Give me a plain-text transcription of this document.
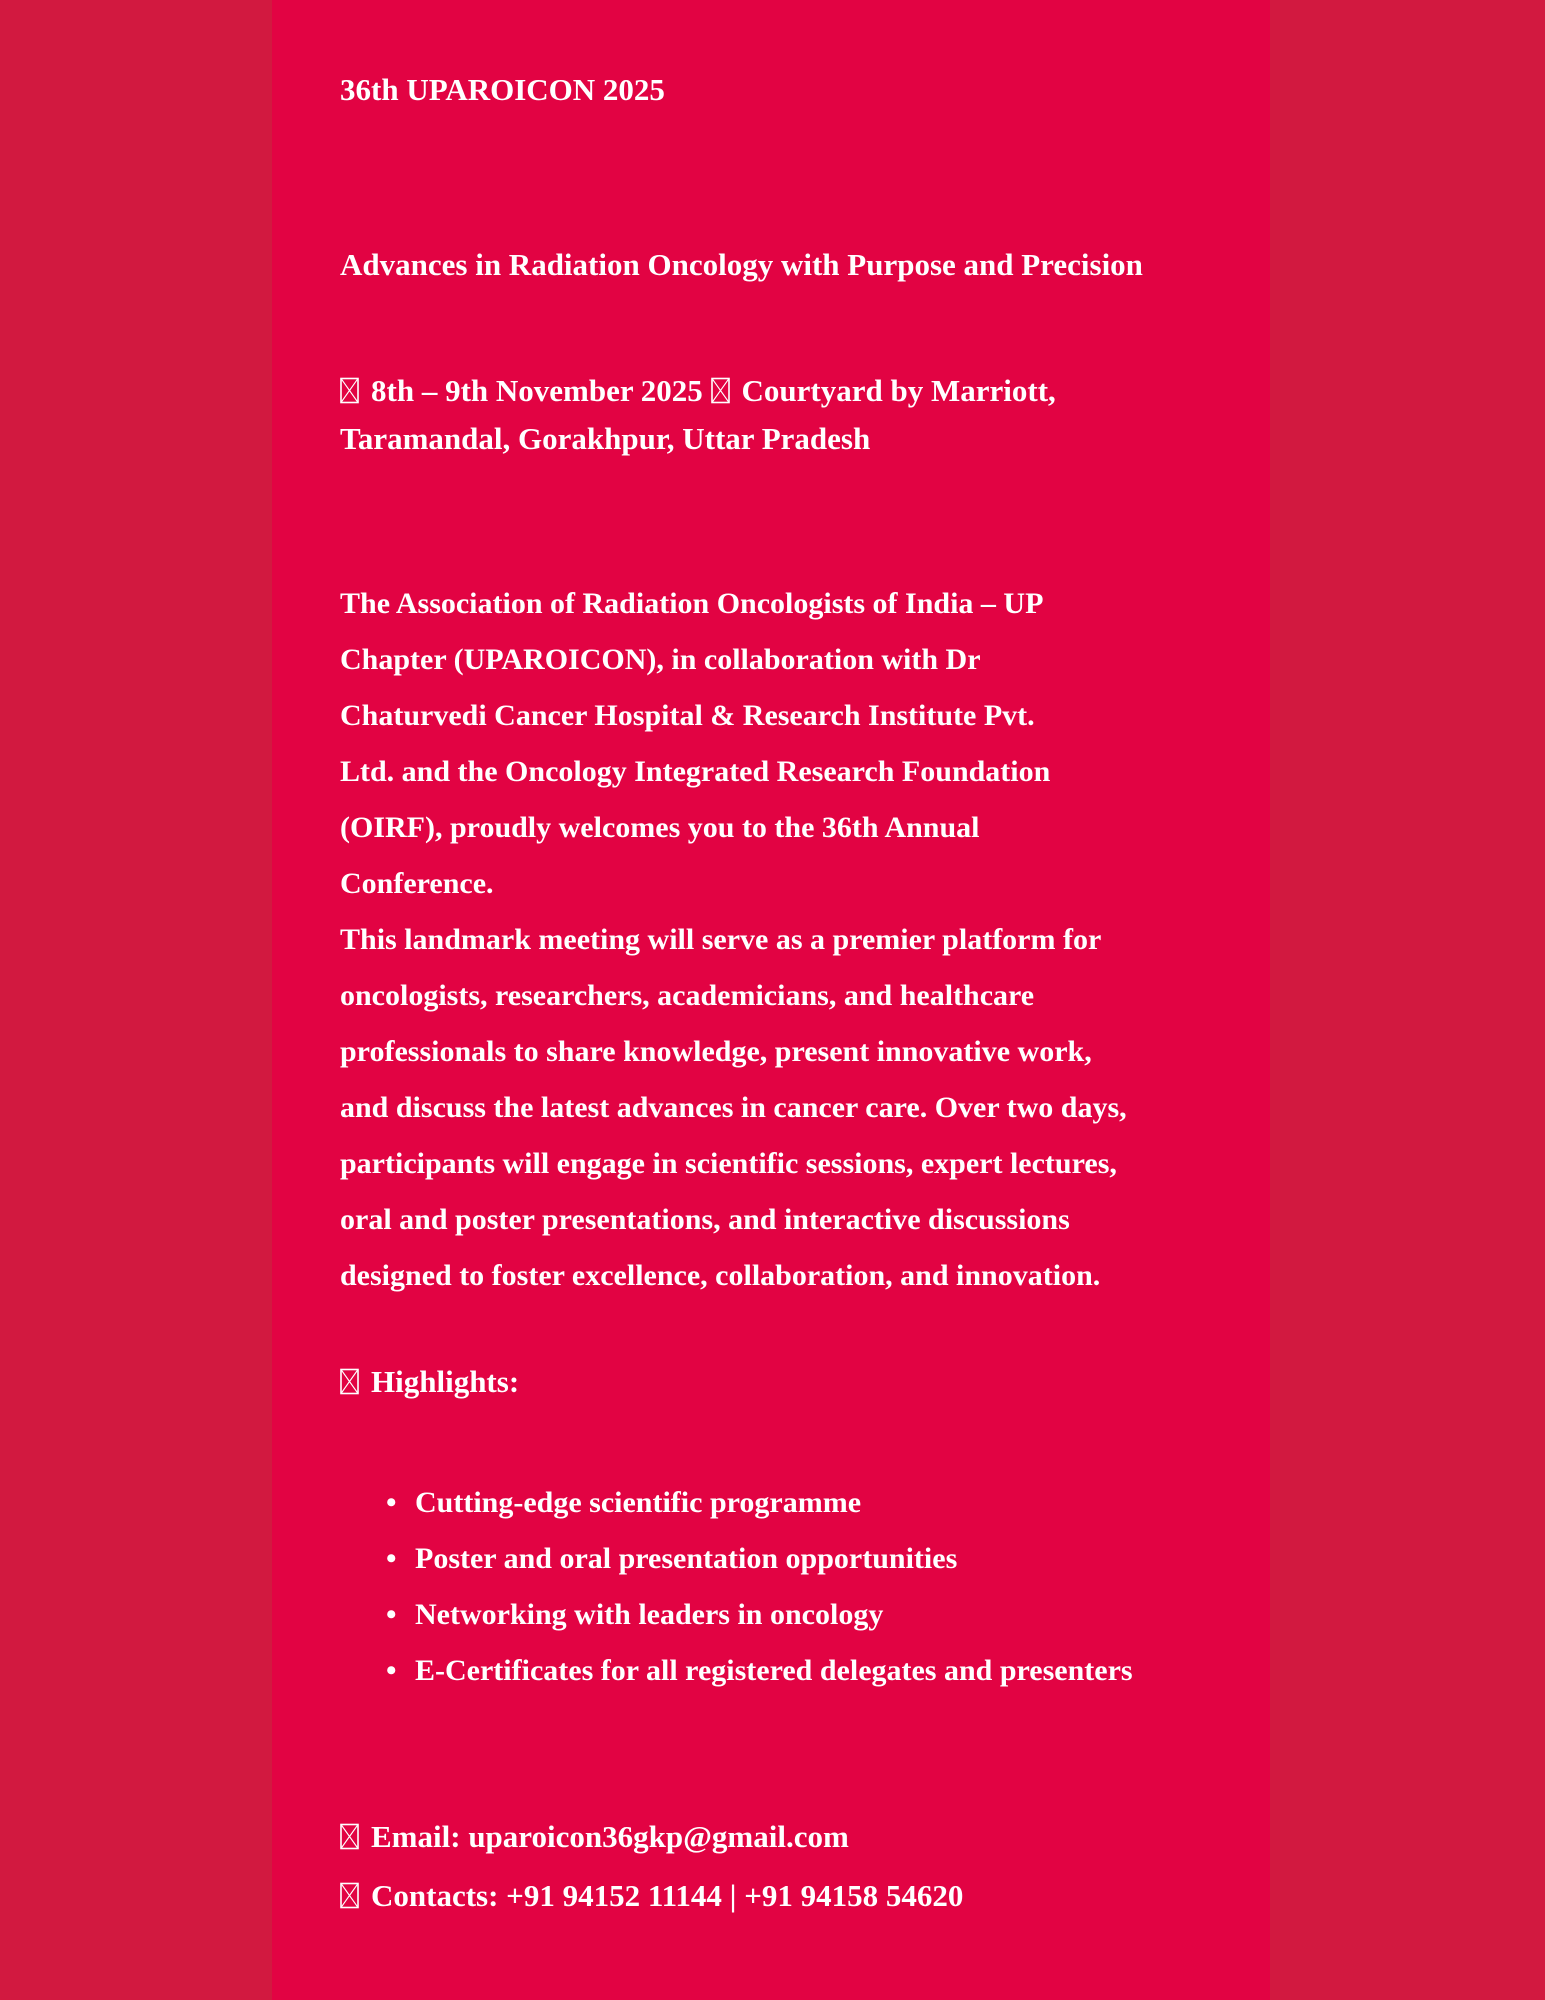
36th UPAROICON 2025
Advances in Radiation Oncology with Purpose and Precision
8th – 9th November 2025 Courtyard by Marriott,
Taramandal, Gorakhpur, Uttar Pradesh
The Association of Radiation Oncologists of India – UP
Chapter (UPAROICON), in collaboration with Dr
Chaturvedi Cancer Hospital & Research Institute Pvt.
Ltd. and the Oncology Integrated Research Foundation
(OIRF), proudly welcomes you to the 36th Annual
Conference.
This landmark meeting will serve as a premier platform for
oncologists, researchers, academicians, and healthcare
professionals to share knowledge, present innovative work,
and discuss the latest advances in cancer care. Over two days,
participants will engage in scientific sessions, expert lectures,
oral and poster presentations, and interactive discussions
designed to foster excellence, collaboration, and innovation.
Highlights:
• Cutting-edge scientific programme
• Poster and oral presentation opportunities
• Networking with leaders in oncology
• E-Certificates for all registered delegates and presenters
Email: uparoicon36gkp@gmail.com
Contacts: +91 94152 11144 | +91 94158 54620
